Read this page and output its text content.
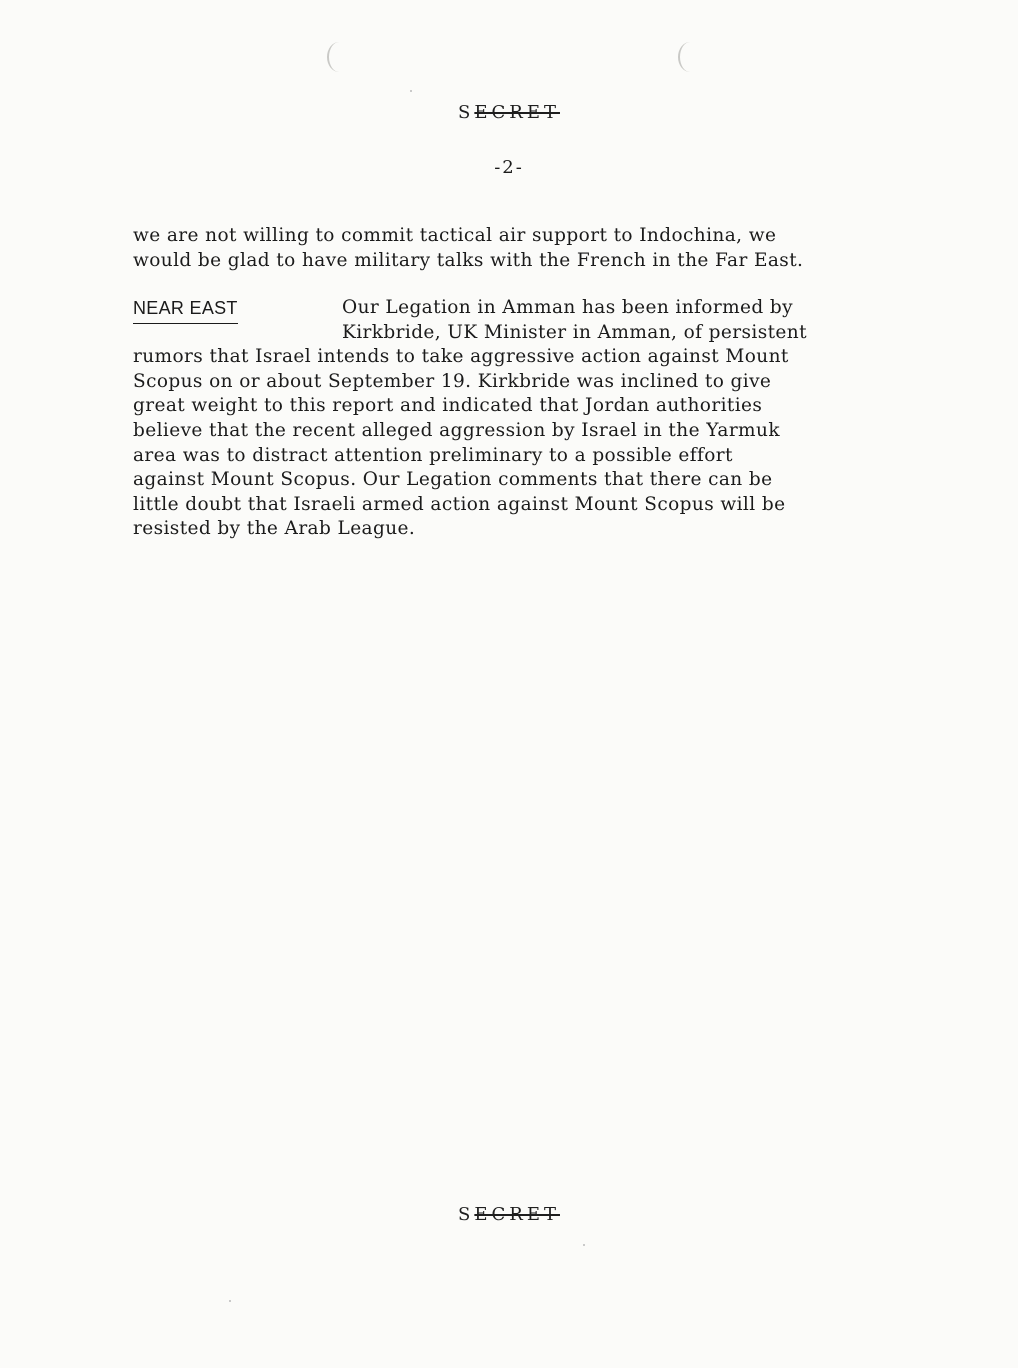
SECRET
-2-
we are not willing to commit tactical air support to Indochina, we
would be glad to have military talks with the French in the Far East.
NEAR EAST	Our Legation in Amman has been informed by
Kirkbride, UK Minister in Amman, of persistent
rumors that Israel intends to take aggressive action against Mount
Scopus on or about September 19. Kirkbride was inclined to give
great weight to this report and indicated that Jordan authorities
believe that the recent alleged aggression by Israel in the Yarmuk
area was to distract attention preliminary to a possible effort
against Mount Scopus. Our Legation comments that there can be
little doubt that Israeli armed action against Mount Scopus will be
resisted by the Arab League.
SECRET
